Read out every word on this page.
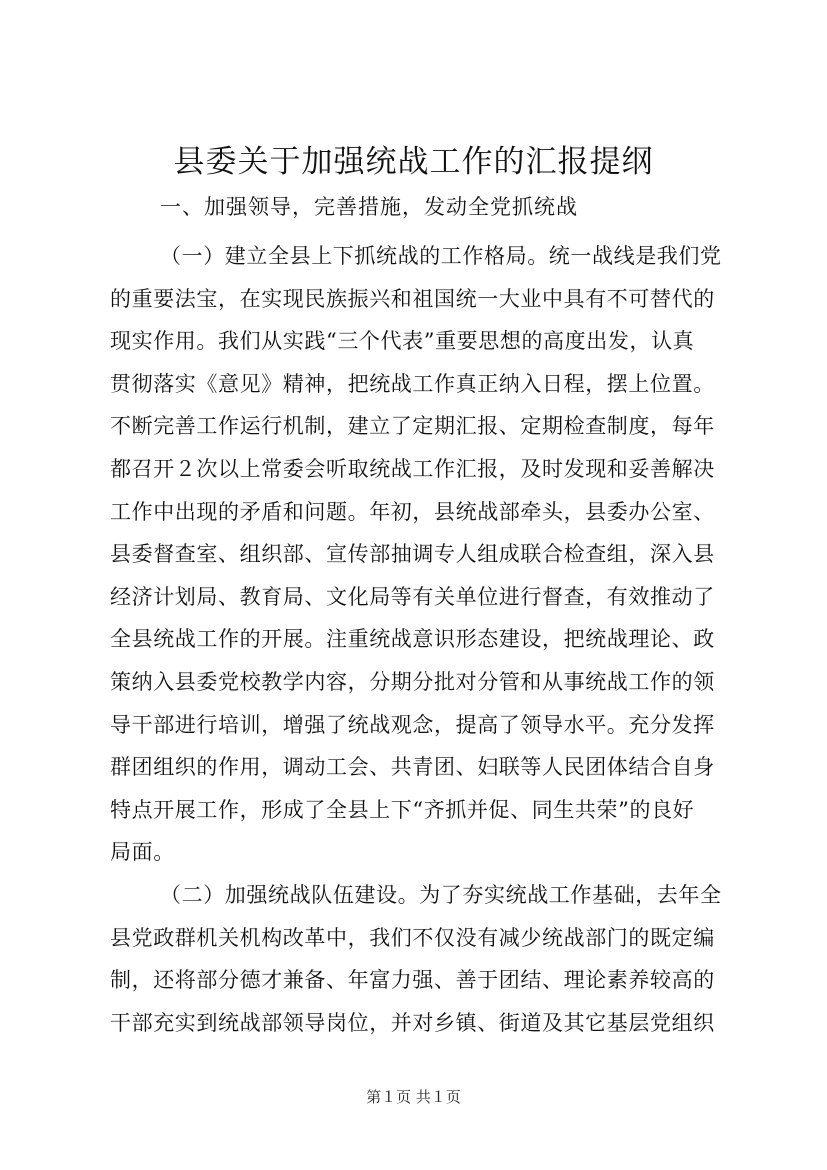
县委关于加强统战工作的汇报提纲

一、加强领导，完善措施，发动全党抓统战

（一）建立全县上下抓统战的工作格局。统一战线是我们党
的重要法宝，在实现民族振兴和祖国统一大业中具有不可替代的
现实作用。我们从实践“三个代表”重要思想的高度出发，认真
贯彻落实《意见》精神，把统战工作真正纳入日程，摆上位置。
不断完善工作运行机制，建立了定期汇报、定期检查制度，每年
都召开２次以上常委会听取统战工作汇报，及时发现和妥善解决
工作中出现的矛盾和问题。年初，县统战部牵头，县委办公室、
县委督查室、组织部、宣传部抽调专人组成联合检查组，深入县
经济计划局、教育局、文化局等有关单位进行督查，有效推动了
全县统战工作的开展。注重统战意识形态建设，把统战理论、政
策纳入县委党校教学内容，分期分批对分管和从事统战工作的领
导干部进行培训，增强了统战观念，提高了领导水平。充分发挥
群团组织的作用，调动工会、共青团、妇联等人民团体结合自身
特点开展工作，形成了全县上下“齐抓并促、同生共荣”的良好
局面。
（二）加强统战队伍建设。为了夯实统战工作基础，去年全
县党政群机关机构改革中，我们不仅没有减少统战部门的既定编
制，还将部分德才兼备、年富力强、善于团结、理论素养较高的
干部充实到统战部领导岗位，并对乡镇、街道及其它基层党组织
第１页 共１页
